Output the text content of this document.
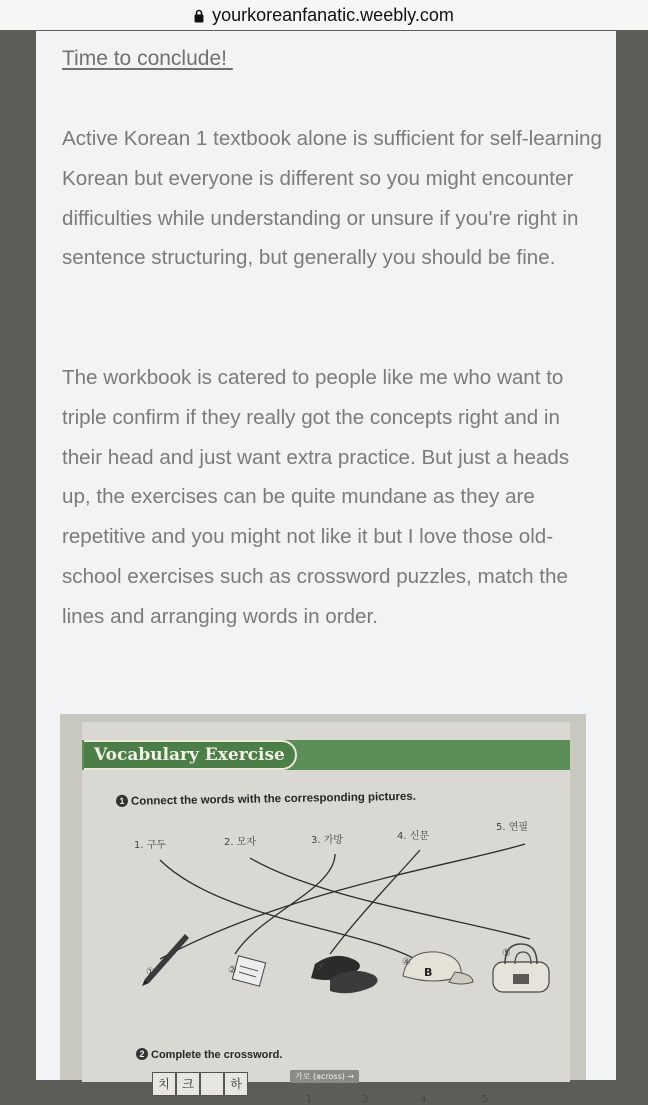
yourkoreanfanatic.weebly.com
Time to conclude!

Active Korean 1 textbook alone is sufficient for self-learning Korean but everyone is different so you might encounter difficulties while understanding or unsure if you're right in sentence structuring, but generally you should be fine.

The workbook is catered to people like me who want to triple confirm if they really got the concepts right and in their head and just want extra practice. But just a heads up, the exercises can be quite mundane as they are repetitive and you might not like it but I love those old-school exercises such as crossword puzzles, match the lines and arranging words in order.

Vocabulary Exercise
1 Connect the words with the corresponding pictures.
1. 구두	2. 모자	3. 가방	4. 신문
5. 연필
B
①	②	③	④
⑤
2 Complete the crossword.
치	크	하
가로 (across) →
1.	3.	4.	5.
